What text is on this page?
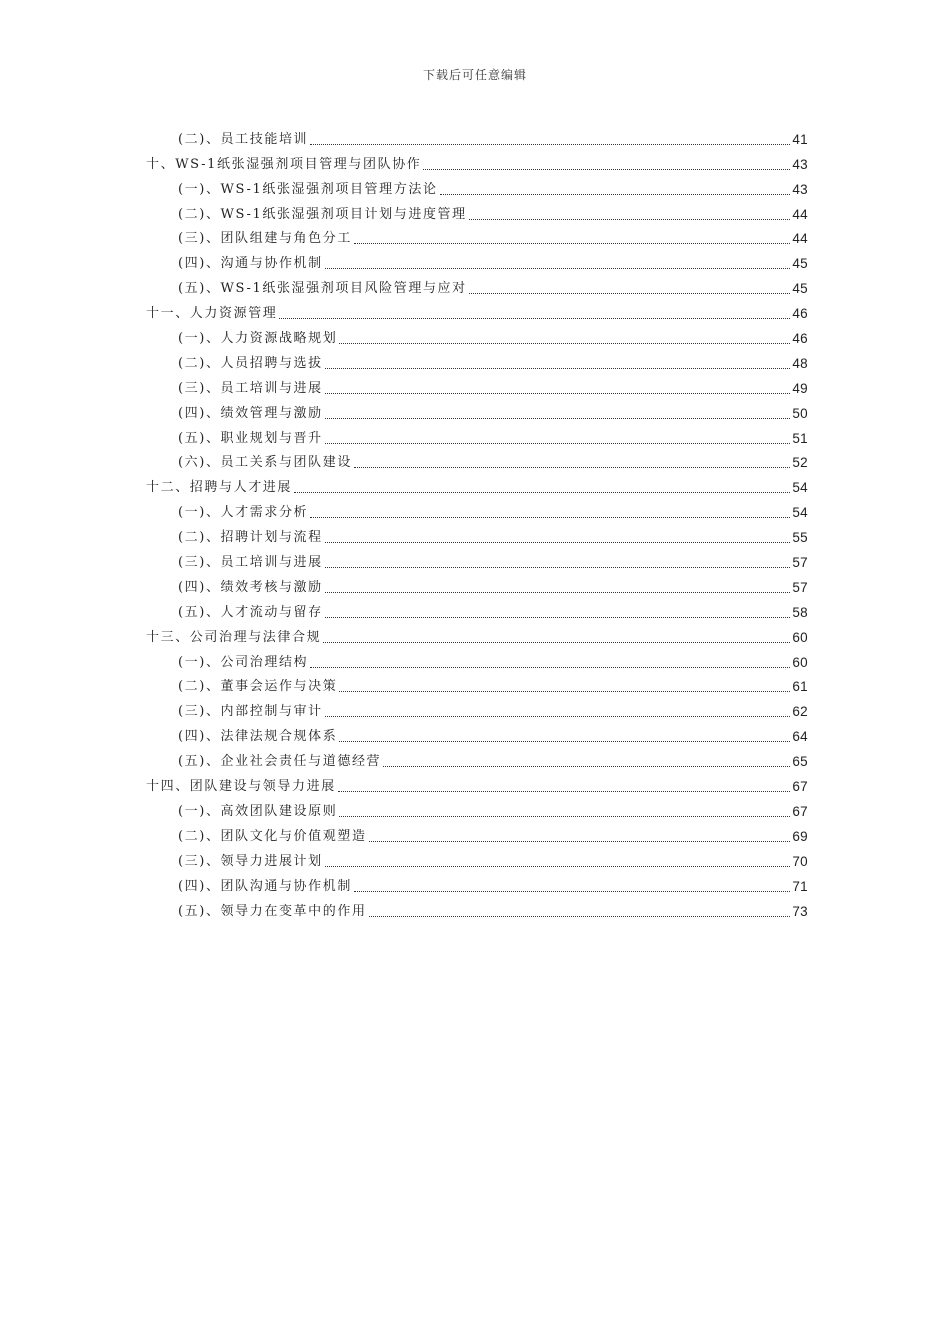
下载后可任意编辑
(二)、员工技能培训	41
十、WS-1纸张湿强剂项目管理与团队协作	43
(一)、WS-1纸张湿强剂项目管理方法论	43
(二)、WS-1纸张湿强剂项目计划与进度管理	44
(三)、团队组建与角色分工	44
(四)、沟通与协作机制	45
(五)、WS-1纸张湿强剂项目风险管理与应对	45
十一、人力资源管理	46
(一)、人力资源战略规划	46
(二)、人员招聘与选拔	48
(三)、员工培训与进展	49
(四)、绩效管理与激励	50
(五)、职业规划与晋升	51
(六)、员工关系与团队建设	52
十二、招聘与人才进展	54
(一)、人才需求分析	54
(二)、招聘计划与流程	55
(三)、员工培训与进展	57
(四)、绩效考核与激励	57
(五)、人才流动与留存	58
十三、公司治理与法律合规	60
(一)、公司治理结构	60
(二)、董事会运作与决策	61
(三)、内部控制与审计	62
(四)、法律法规合规体系	64
(五)、企业社会责任与道德经营	65
十四、团队建设与领导力进展	67
(一)、高效团队建设原则	67
(二)、团队文化与价值观塑造	69
(三)、领导力进展计划	70
(四)、团队沟通与协作机制	71
(五)、领导力在变革中的作用	73
